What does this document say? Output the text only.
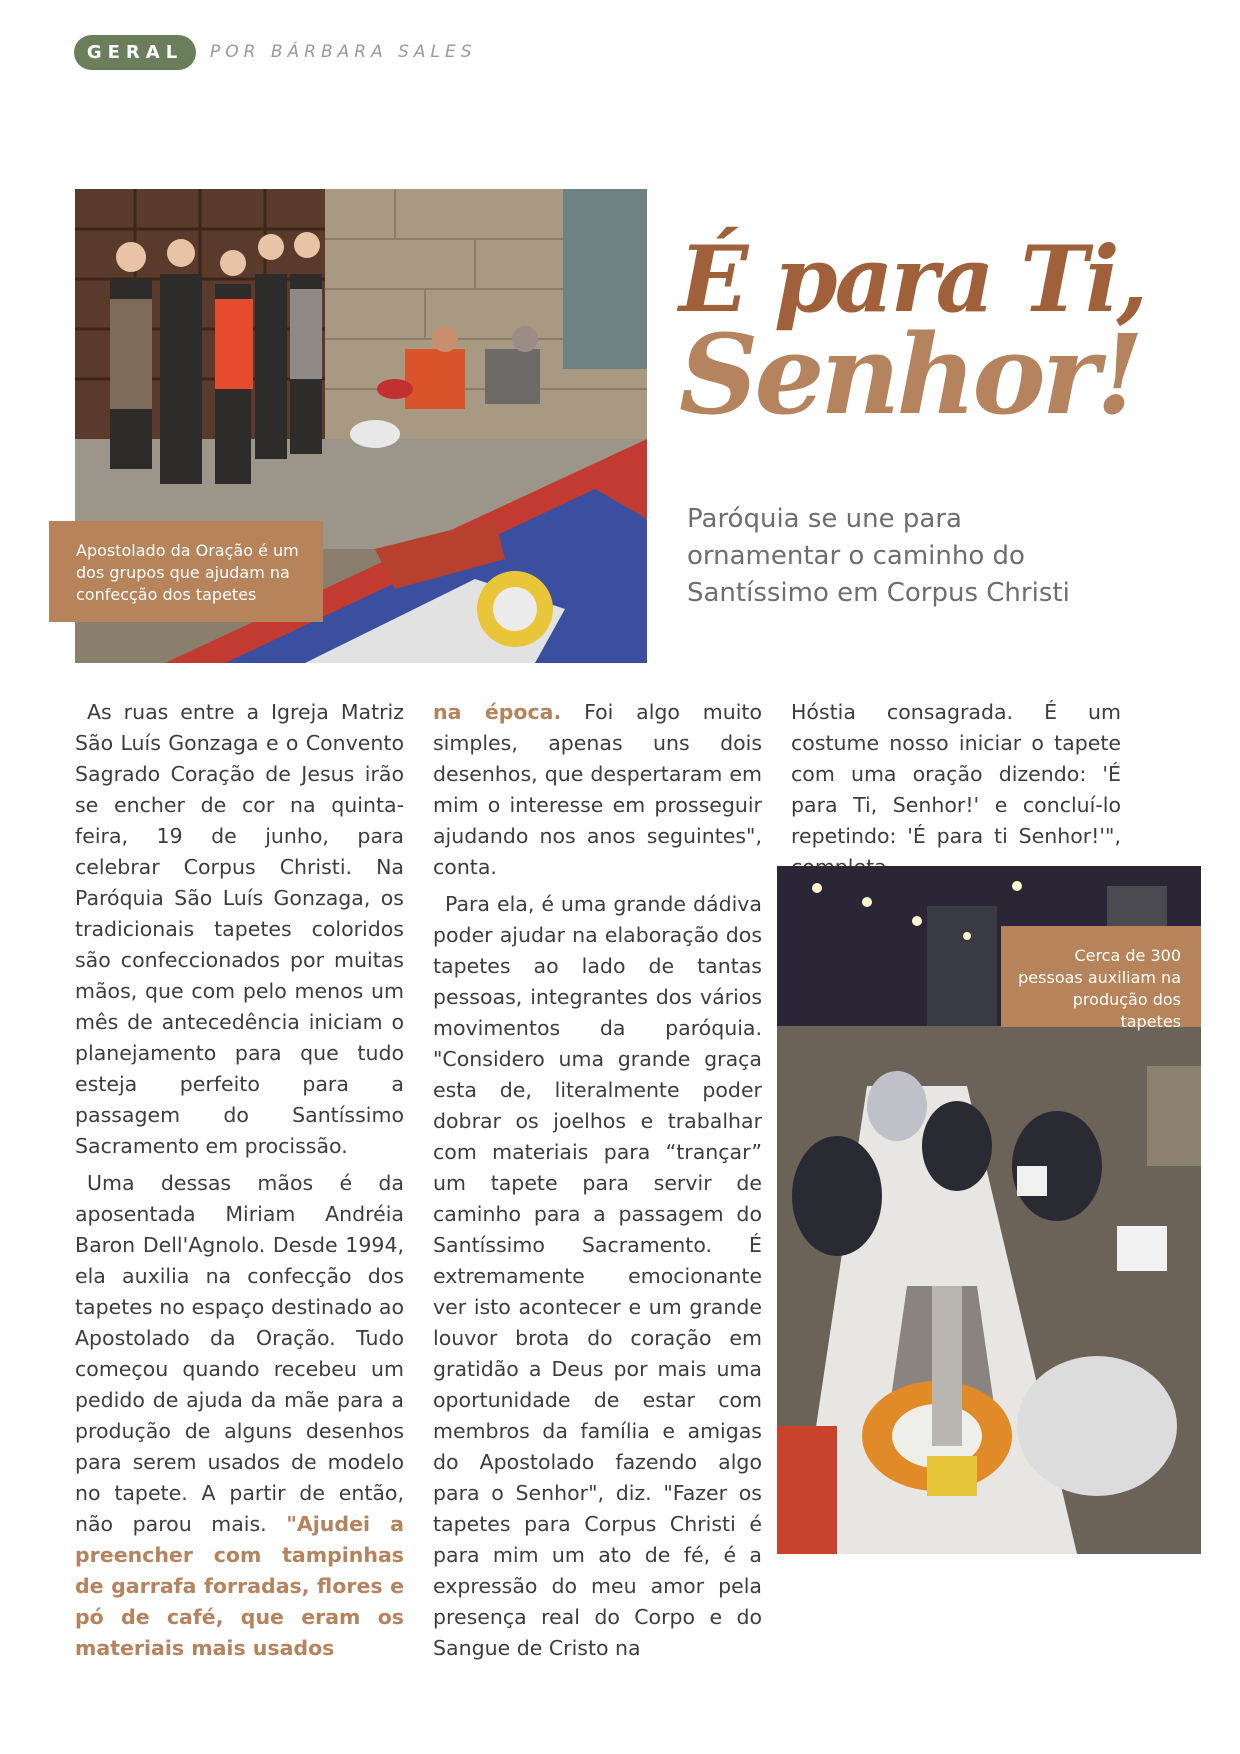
GERAL	POR BÁRBARA SALES
Apostolado da Oração é um dos grupos que ajudam na confecção dos tapetes
É para Ti,
Senhor!
Paróquia se une para ornamentar o caminho do Santíssimo em Corpus Christi

As ruas entre a Igreja Matriz São Luís Gonzaga e o Convento Sagrado Coração de Jesus irão se encher de cor na quinta-feira, 19 de junho, para celebrar Corpus Christi. Na Paróquia São Luís Gonzaga, os tradicionais tapetes coloridos são confeccionados por muitas mãos, que com pelo menos um mês de antecedência iniciam o planejamento para que tudo esteja perfeito para a passagem do Santíssimo Sacramento em procissão.

Uma dessas mãos é da aposentada Miriam Andréia Baron Dell'Agnolo. Desde 1994, ela auxilia na confecção dos tapetes no espaço destinado ao Apostolado da Oração. Tudo começou quando recebeu um pedido de ajuda da mãe para a produção de alguns desenhos para serem usados de modelo no tapete. A partir de então, não parou mais. "Ajudei a preencher com tampinhas de garrafa forradas, flores e pó de café, que eram os materiais mais usados

na época. Foi algo muito simples, apenas uns dois desenhos, que despertaram em mim o interesse em prosseguir ajudando nos anos seguintes", conta.

Para ela, é uma grande dádiva poder ajudar na elaboração dos tapetes ao lado de tantas pessoas, integrantes dos vários movimentos da paróquia. "Considero uma grande graça esta de, literalmente poder dobrar os joelhos e trabalhar com materiais para “trançar” um tapete para servir de caminho para a passagem do Santíssimo Sacramento. É extremamente emocionante ver isto acontecer e um grande louvor brota do coração em gratidão a Deus por mais uma oportunidade de estar com membros da família e amigas do Apostolado fazendo algo para o Senhor", diz. "Fazer os tapetes para Corpus Christi é para mim um ato de fé, é a expressão do meu amor pela presença real do Corpo e do Sangue de Cristo na

Hóstia consagrada. É um costume nosso iniciar o tapete com uma oração dizendo: 'É para Ti, Senhor!' e concluí-lo repetindo: 'É para ti Senhor!'",

Cerca de 300 pessoas auxiliam na produção dos tapetes
